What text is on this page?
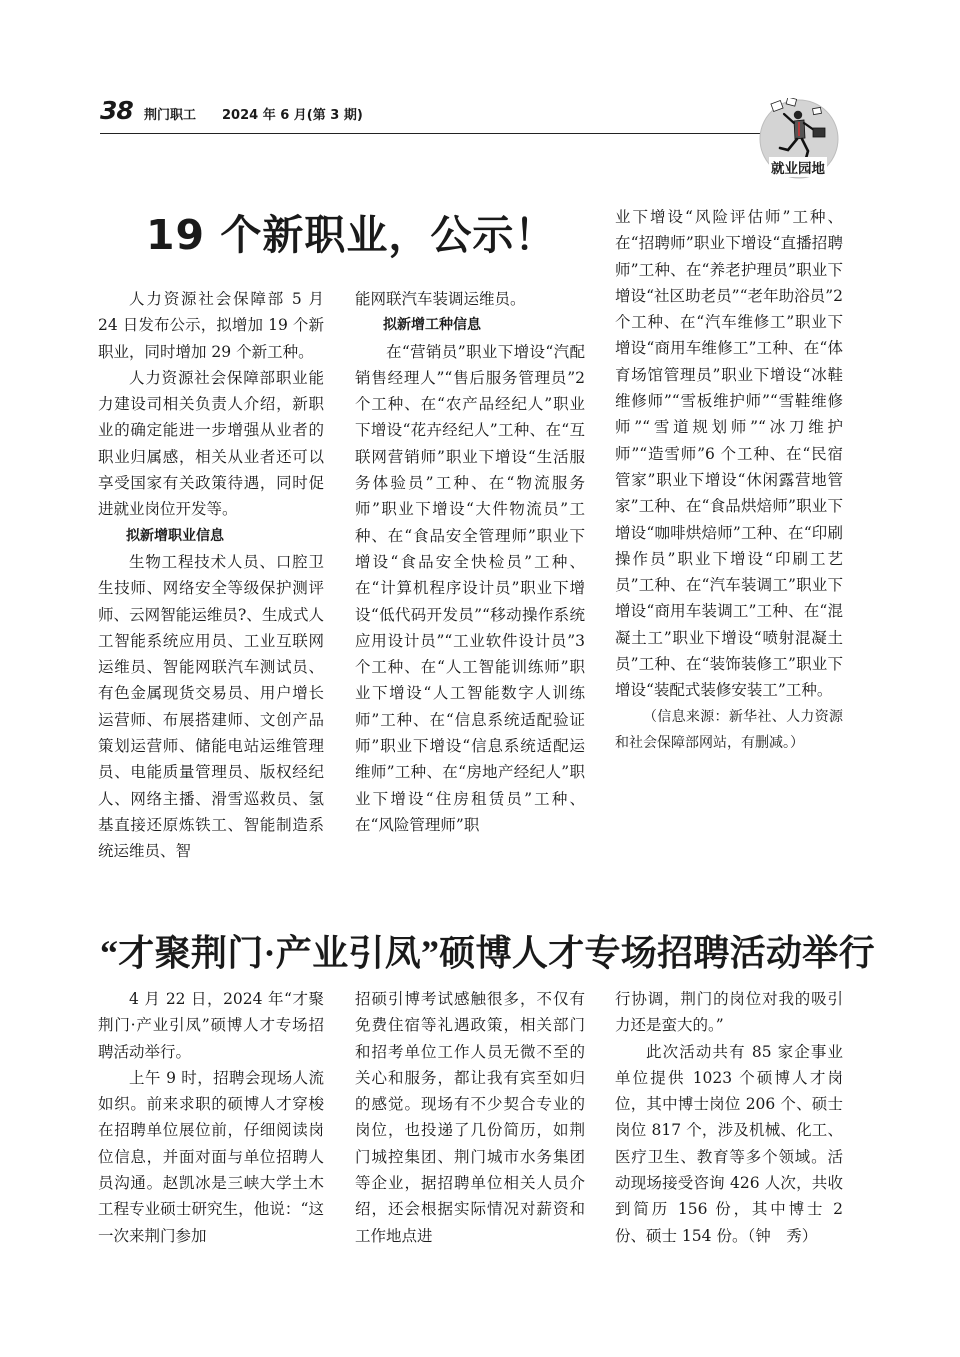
38 荆门职工 2024 年 6 月(第 3 期)
就业园地
19 个新职业，公示！

人力资源社会保障部 5 月 24 日发布公示，拟增加 19 个新职业，同时增加 29 个新工种。

人力资源社会保障部职业能力建设司相关负责人介绍，新职业的确定能进一步增强从业者的职业归属感，相关从业者还可以享受国家有关政策待遇，同时促进就业岗位开发等。

拟新增职业信息

生物工程技术人员、口腔卫生技师、网络安全等级保护测评师、云网智能运维员?、生成式人工智能系统应用员、工业互联网运维员、智能网联汽车测试员、有色金属现货交易员、用户增长运营师、布展搭建师、文创产品策划运营师、储能电站运维管理员、电能质量管理员、版权经纪人、网络主播、滑雪巡救员、氢基直接还原炼铁工、智能制造系统运维员、智

能网联汽车装调运维员。

拟新增工种信息

在“营销员”职业下增设“汽配销售经理人”“售后服务管理员”2 个工种、在“农产品经纪人”职业下增设“花卉经纪人”工种、在“互联网营销师”职业下增设“生活服务体验员”工种、在“物流服务师”职业下增设“大件物流员”工种、在“食品安全管理师”职业下增设“食品安全快检员”工种、在“计算机程序设计员”职业下增设“低代码开发员”“移动操作系统应用设计员”“工业软件设计员”3 个工种、在“人工智能训练师”职业下增设“人工智能数字人训练师”工种、在“信息系统适配验证师”职业下增设“信息系统适配运维师”工种、在“房地产经纪人”职业下增设“住房租赁员”工种、在“风险管理师”职

业下增设“风险评估师”工种、在“招聘师”职业下增设“直播招聘师”工种、在“养老护理员”职业下增设“社区助老员”“老年助浴员”2 个工种、在“汽车维修工”职业下增设“商用车维修工”工种、在“体育场馆管理员”职业下增设“冰鞋维修师”“雪板维护师”“雪鞋维修师”“雪道规划师”“冰刀维护师”“造雪师”6 个工种、在“民宿管家”职业下增设“休闲露营地管家”工种、在“食品烘焙师”职业下增设“咖啡烘焙师”工种、在“印刷操作员”职业下增设“印刷工艺员”工种、在“汽车装调工”职业下增设“商用车装调工”工种、在“混凝土工”职业下增设“喷射混凝土员”工种、在“装饰装修工”职业下增设“装配式装修安装工”工种。

（信息来源：新华社、人力资源和社会保障部网站，有删减。）

“才聚荆门·产业引凤”硕博人才专场招聘活动举行

4 月 22 日，2024 年“才聚荆门·产业引凤”硕博人才专场招聘活动举行。

上午 9 时，招聘会现场人流如织。前来求职的硕博人才穿梭在招聘单位展位前，仔细阅读岗位信息，并面对面与单位招聘人员沟通。赵凯冰是三峡大学土木工程专业硕士研究生，他说：“这一次来荆门参加

招硕引博考试感触很多，不仅有免费住宿等礼遇政策，相关部门和招考单位工作人员无微不至的关心和服务，都让我有宾至如归的感觉。现场有不少契合专业的岗位，也投递了几份简历，如荆门城控集团、荆门城市水务集团等企业，据招聘单位相关人员介绍，还会根据实际情况对薪资和工作地点进

行协调，荆门的岗位对我的吸引力还是蛮大的。”

此次活动共有 85 家企事业单位提供 1023 个硕博人才岗位，其中博士岗位 206 个、硕士岗位 817 个，涉及机械、化工、医疗卫生、教育等多个领域。活动现场接受咨询 426 人次，共收到简历 156 份，其中博士 2 份、硕士 154 份。（钟　秀）
